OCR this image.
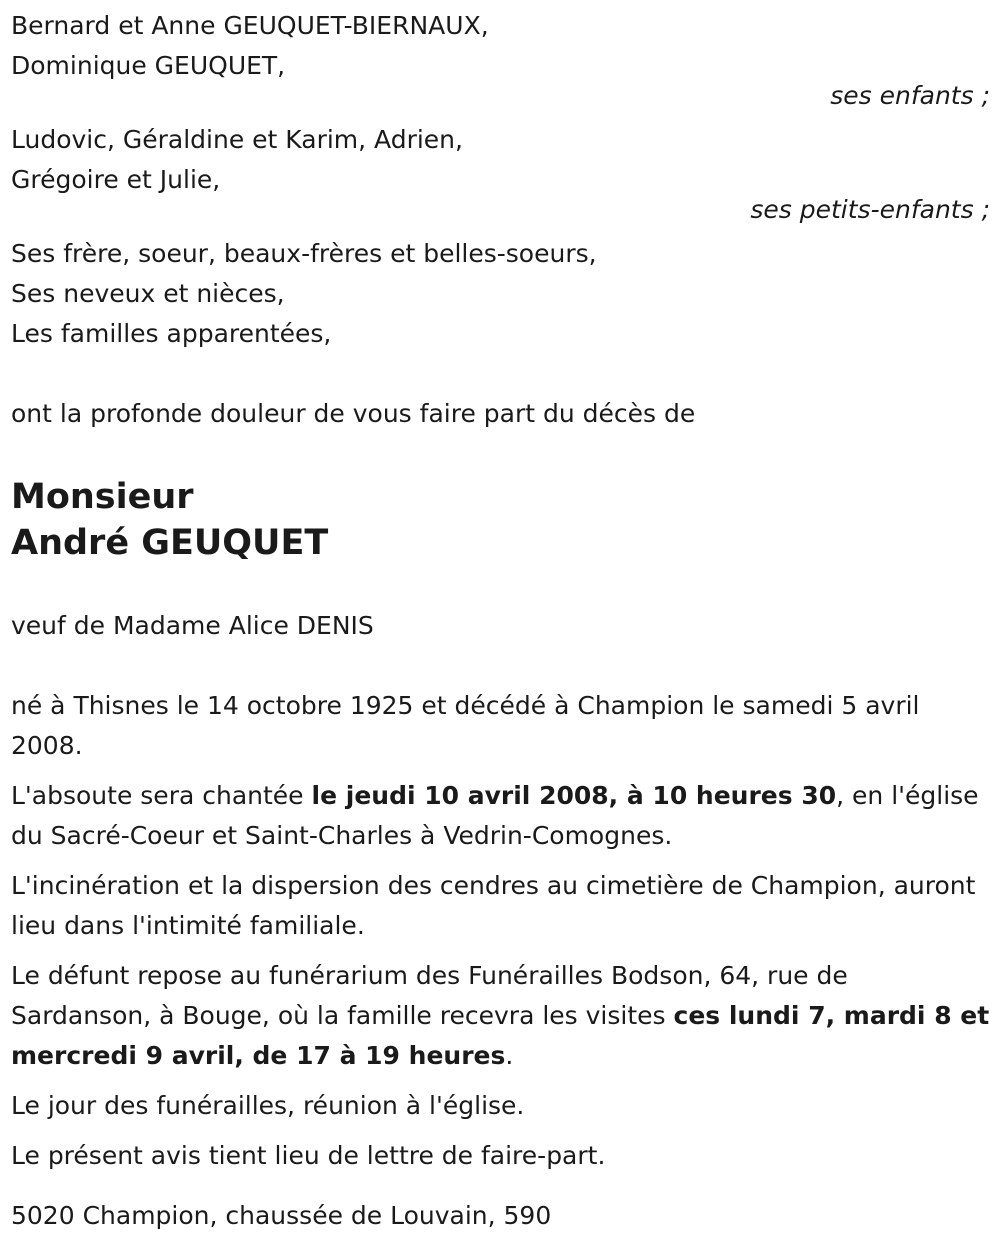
Bernard et Anne GEUQUET-BIERNAUX,
Dominique GEUQUET,
ses enfants ;
Ludovic, Géraldine et Karim, Adrien,
Grégoire et Julie,
ses petits-enfants ;
Ses frère, soeur, beaux-frères et belles-soeurs,
Ses neveux et nièces,
Les familles apparentées,
ont la profonde douleur de vous faire part du décès de
Monsieur
André GEUQUET
veuf de Madame Alice DENIS

né à Thisnes le 14 octobre 1925 et décédé à Champion le samedi 5 avril 2008.

L'absoute sera chantée le jeudi 10 avril 2008, à 10 heures 30, en l'église du Sacré-Coeur et Saint-Charles à Vedrin-Comognes.

L'incinération et la dispersion des cendres au cimetière de Champion, auront lieu dans l'intimité familiale.

Le défunt repose au funérarium des Funérailles Bodson, 64, rue de Sardanson, à Bouge, où la famille recevra les visites ces lundi 7, mardi 8 et mercredi 9 avril, de 17 à 19 heures.

Le jour des funérailles, réunion à l'église.

Le présent avis tient lieu de lettre de faire-part.

5020 Champion, chaussée de Louvain, 590
